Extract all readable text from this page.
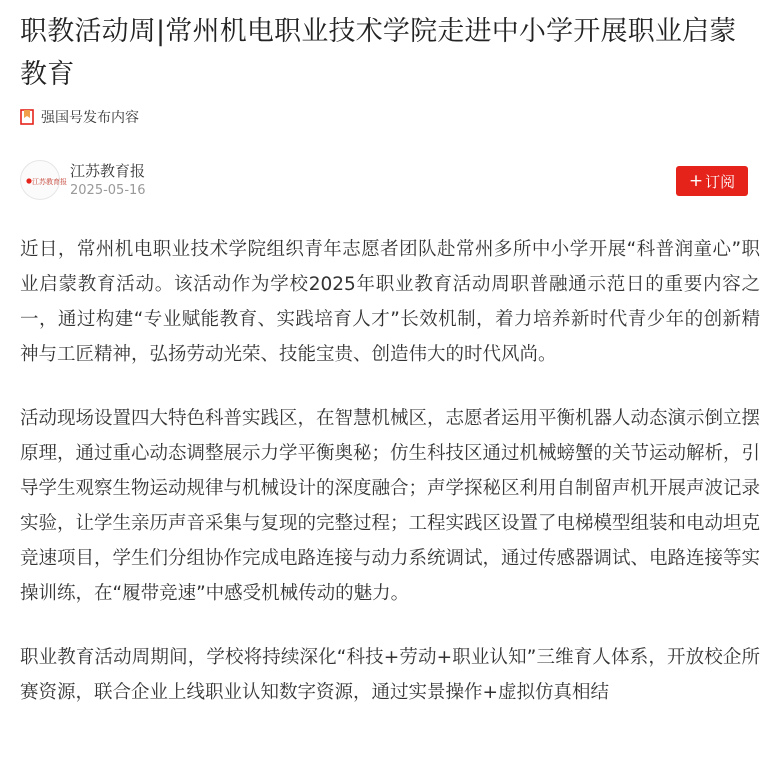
职教活动周|常州机电职业技术学院走进中小学开展职业启蒙教育
强国号发布内容
江苏教育报
江苏教育报
2025-05-16	+ 订阅

近日，常州机电职业技术学院组织青年志愿者团队赴常州多所中小学开展“科普润童心”职业启蒙教育活动。该活动作为学校2025年职业教育活动周职普融通示范日的重要内容之一，通过构建“专业赋能教育、实践培育人才”长效机制，着力培养新时代青少年的创新精神与工匠精神，弘扬劳动光荣、技能宝贵、创造伟大的时代风尚。

活动现场设置四大特色科普实践区，在智慧机械区，志愿者运用平衡机器人动态演示倒立摆原理，通过重心动态调整展示力学平衡奥秘；仿生科技区通过机械螃蟹的关节运动解析，引导学生观察生物运动规律与机械设计的深度融合；声学探秘区利用自制留声机开展声波记录实验，让学生亲历声音采集与复现的完整过程；工程实践区设置了电梯模型组装和电动坦克竞速项目，学生们分组协作完成电路连接与动力系统调试，通过传感器调试、电路连接等实操训练，在“履带竞速”中感受机械传动的魅力。

职业教育活动周期间，学校将持续深化“科技+劳动+职业认知”三维育人体系，开放校企所赛资源，联合企业上线职业认知数字资源，通过实景操作+虚拟仿真相结
